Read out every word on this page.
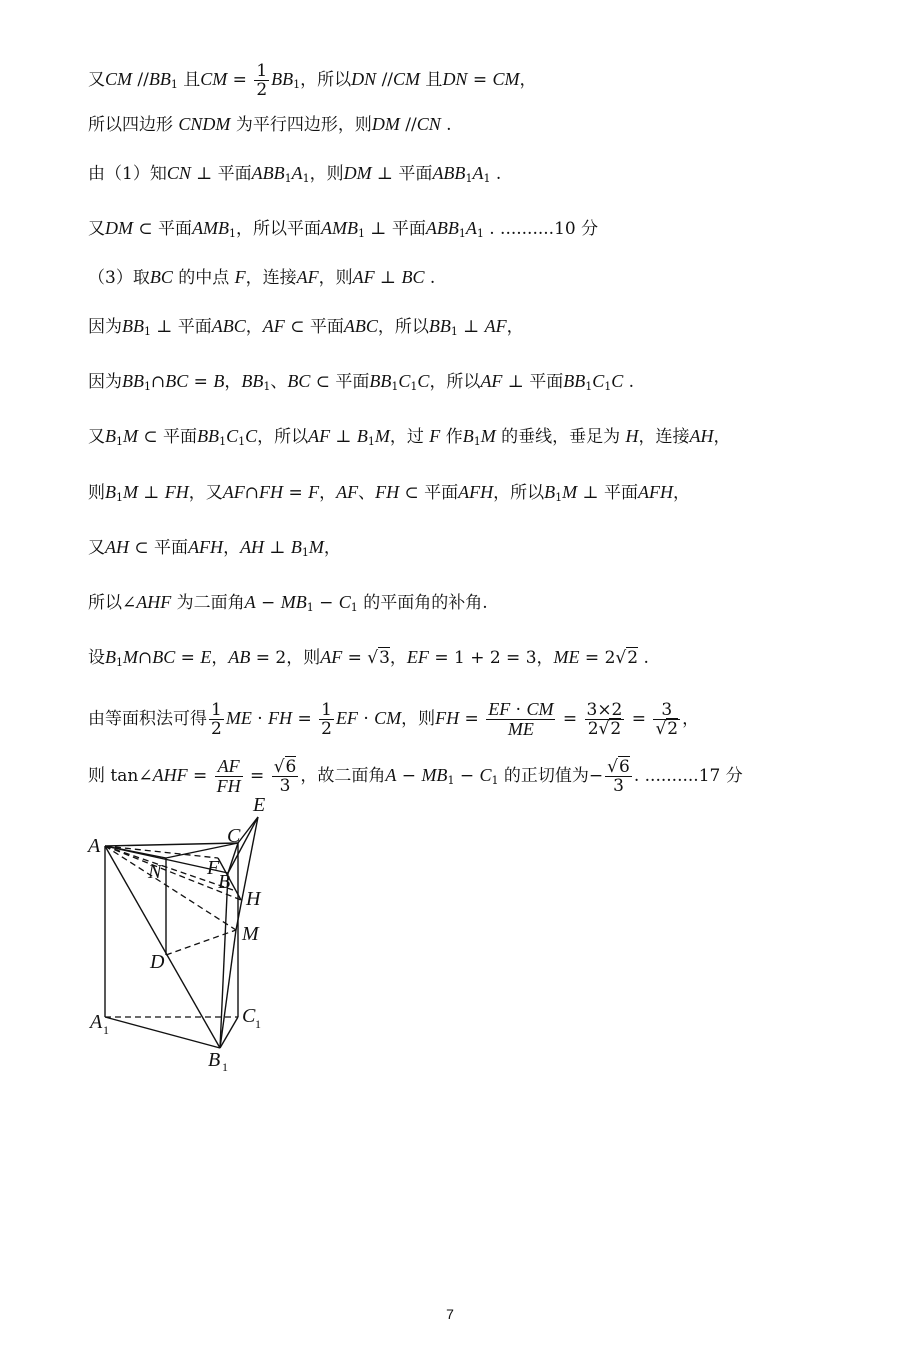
又CM $//BB_1$ 且CM = $\frac{1}{2} BB_1$，所以DN //CM 且DN = CM，
所以四边形 CNDM 为平行四边形，则DM //CN .
由（1）知CN ⊥ 平面$ABB_1A_1$，则DM ⊥ 平面$ABB_1A_1$ .
又DM ⊂ 平面$AMB_1$，所以平面$AMB_1$ ⊥ 平面$ABB_1A_1$ . ..........10 分
（3）取BC 的中点 F，连接AF，则AF ⊥ BC .
因为$BB_1$ ⊥ 平面ABC，AF ⊂ 平面ABC，所以$BB_1$ ⊥ AF，
因为$BB_1\cap BC = B$，$BB_1$、BC ⊂ 平面$BB_1C_1C$，所以AF ⊥ 平面$BB_1C_1C$ .
又$B_1M$ ⊂ 平面$BB_1C_1C$，所以AF ⊥ $B_1M$，过 F 作$B_1M$ 的垂线，垂足为 H，连接AH，
则$B_1M$ ⊥ FH，又AF∩FH = F，AF、FH ⊂ 平面AFH，所以$B_1M$ ⊥ 平面AFH，
又AH ⊂ 平面AFH，AH ⊥ $B_1M$，
所以∠AHF 为二面角$A - MB_1 - C_1$ 的平面角的补角.
设$B_1M\cap BC = E$，AB = 2，则AF = √3，EF = 1 + 2 = 3，ME = 2√2 .
由等面积法可得 $\frac{1}{2}$ ME · FH = $\frac{1}{2}$ EF · CM，则FH = $\frac{EF \cdot CM}{ME} = \frac{3\times 2}{2√2} = \frac{3}{√2}$ ，
则 tan∠AHF = $\frac{AF}{FH} = \frac{√6}{3}$ ，故二面角$A - MB_1 - C_1$ 的正切值为− $\frac{√6}{3}$ . ..........17 分
A	C
E
N F
B
H
M
D
A 1
C 1
B 1
7
